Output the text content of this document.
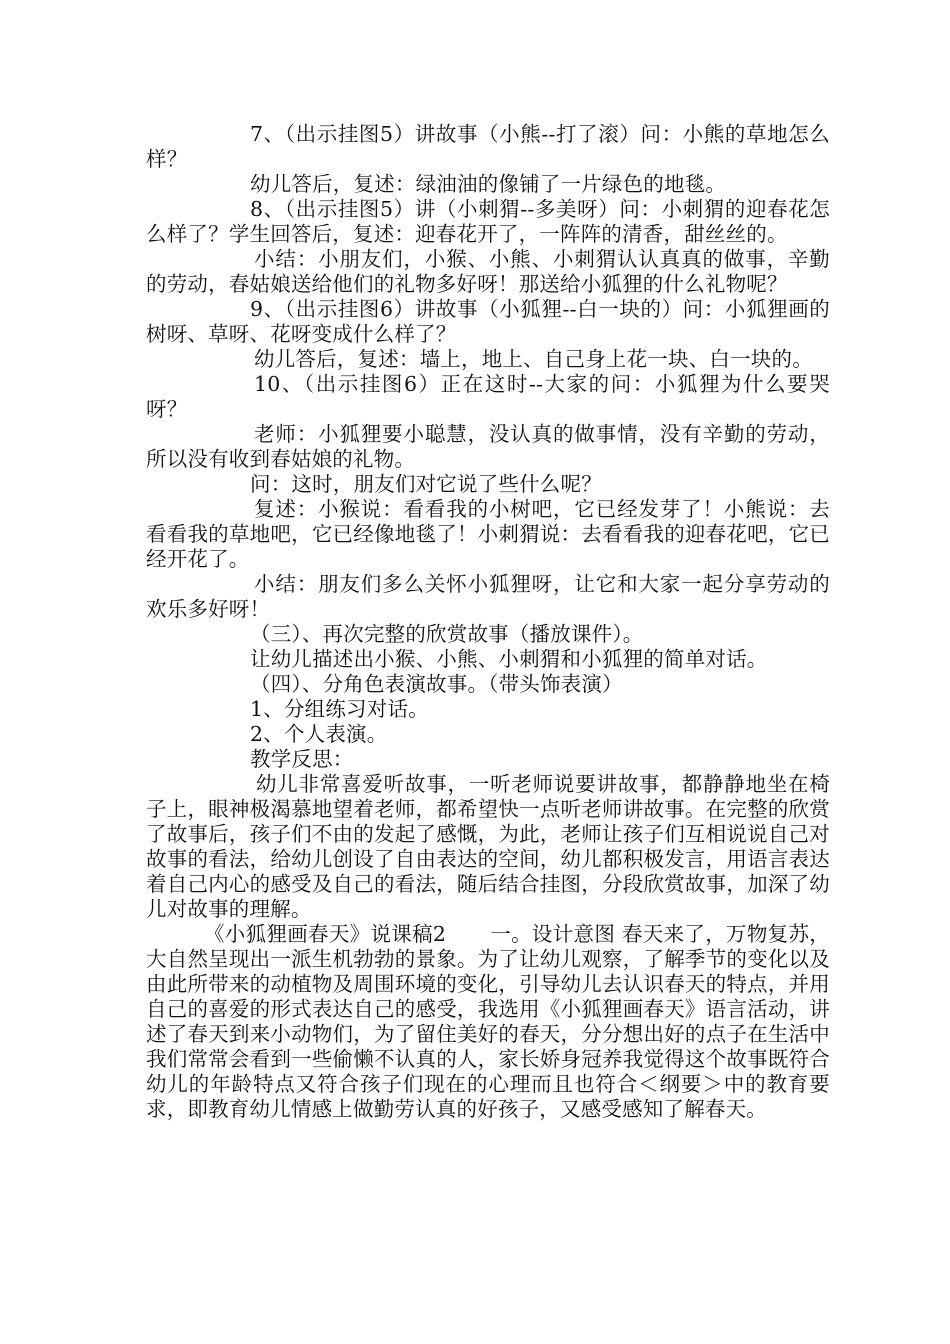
7、（出示挂图5）讲故事（小熊--打了滚）问：小熊的草地怎么样？

幼儿答后，复述：绿油油的像铺了一片绿色的地毯。

8、（出示挂图5）讲（小刺猬--多美呀）问：小刺猬的迎春花怎么样了？学生回答后，复述：迎春花开了，一阵阵的清香，甜丝丝的。

小结：小朋友们，小猴、小熊、小刺猬认认真真的做事，辛勤的劳动，春姑娘送给他们的礼物多好呀！那送给小狐狸的什么礼物呢？

9、（出示挂图6）讲故事（小狐狸--白一块的）问：小狐狸画的树呀、草呀、花呀变成什么样了？

幼儿答后，复述：墙上，地上、自己身上花一块、白一块的。

10、（出示挂图6）正在这时--大家的问：小狐狸为什么要哭呀？

老师：小狐狸要小聪慧，没认真的做事情，没有辛勤的劳动，所以没有收到春姑娘的礼物。

问：这时，朋友们对它说了些什么呢？

复述：小猴说：看看我的小树吧，它已经发芽了！小熊说：去看看我的草地吧，它已经像地毯了！小刺猬说：去看看我的迎春花吧，它已经开花了。

小结：朋友们多么关怀小狐狸呀，让它和大家一起分享劳动的欢乐多好呀！

（三）、再次完整的欣赏故事（播放课件）。

让幼儿描述出小猴、小熊、小刺猬和小狐狸的简单对话。

（四）、分角色表演故事。（带头饰表演）

1、分组练习对话。

2、个人表演。

教学反思：

幼儿非常喜爱听故事，一听老师说要讲故事，都静静地坐在椅子上，眼神极渴慕地望着老师，都希望快一点听老师讲故事。在完整的欣赏了故事后，孩子们不由的发起了感慨，为此，老师让孩子们互相说说自己对故事的看法，给幼儿创设了自由表达的空间，幼儿都积极发言，用语言表达着自己内心的感受及自己的看法，随后结合挂图，分段欣赏故事，加深了幼儿对故事的理解。

《小狐狸画春天》说课稿2 一。设计意图 春天来了，万物复苏，大自然呈现出一派生机勃勃的景象。为了让幼儿观察，了解季节的变化以及由此所带来的动植物及周围环境的变化，引导幼儿去认识春天的特点，并用自己的喜爱的形式表达自己的感受，我选用《小狐狸画春天》语言活动，讲述了春天到来小动物们，为了留住美好的春天，分分想出好的点子在生活中我们常常会看到一些偷懒不认真的人，家长娇身冠养我觉得这个故事既符合幼儿的年龄特点又符合孩子们现在的心理而且也符合＜纲要＞中的教育要求，即教育幼儿情感上做勤劳认真的好孩子，又感受感知了解春天。
